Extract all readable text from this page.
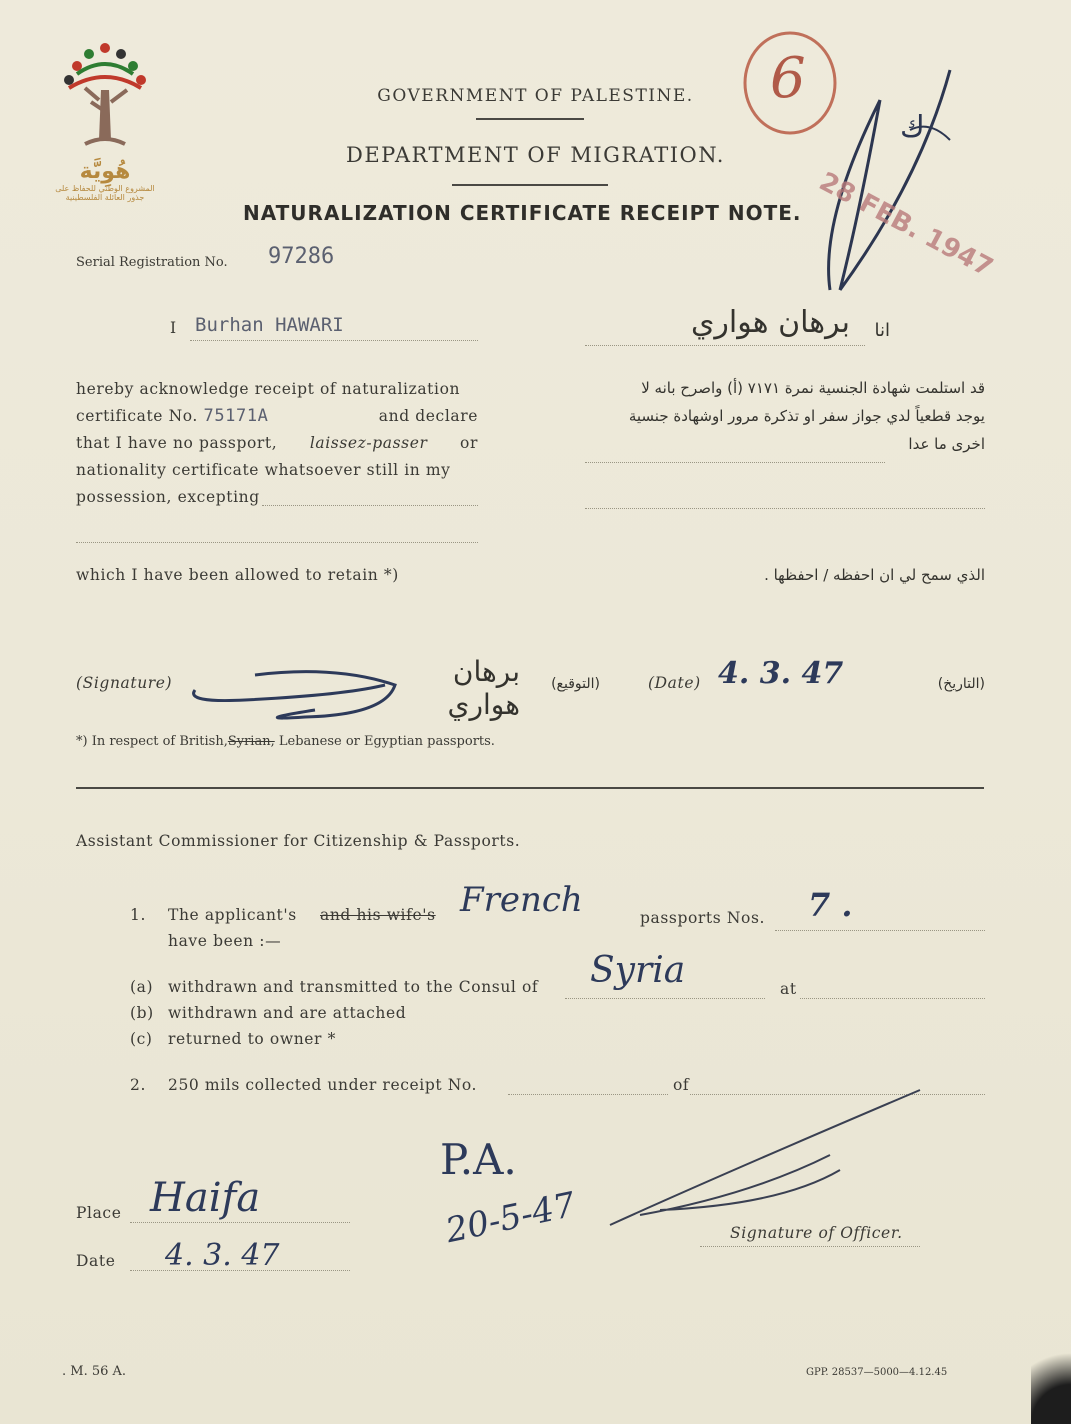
هُوِيَّة
المشروع الوطني للحفاظ على
جذور العائلة الفلسطينية
6
ك
28 FEB. 1947
GOVERNMENT OF PALESTINE.
DEPARTMENT OF MIGRATION.
NATURALIZATION CERTIFICATE RECEIPT NOTE.
Serial Registration No. 97286
I Burhan HAWARI	انا
برهان هواري
hereby acknowledge receipt of naturalization
certificate No. 75171A	and declare
that I have no passport, laissez-passer or
nationality certificate whatsoever still in my
possession, excepting
قد استلمت شهادة الجنسية نمرة ٧١٧١ (أ) واصرح بانه لا
يوجد قطعياً لدي جواز سفر او تذكرة مرور اوشهادة جنسية
اخرى ما عدا
which I have been allowed to retain *)	الذي سمح لي ان احفظه / احفظها .
(Signature)	برهان هواري
(التوقيع)	(Date) 4. 3. 47	(التاريخ)
*) In respect of British,Syrian, Lebanese or Egyptian passports.
Assistant Commissioner for Citizenship & Passports.
1. The applicant's and his wife's French	passports Nos. 7 .
have been :—
(a) withdrawn and transmitted to the Consul of Syria	at
(b) withdrawn and are attached
(c) returned to owner *
2. 250 mils collected under receipt No.	of
P.A.
20-5-47	Signature of Officer.
Place Haifa
Date 4. 3. 47
. M. 56 A.	GPP. 28537—5000—4.12.45
